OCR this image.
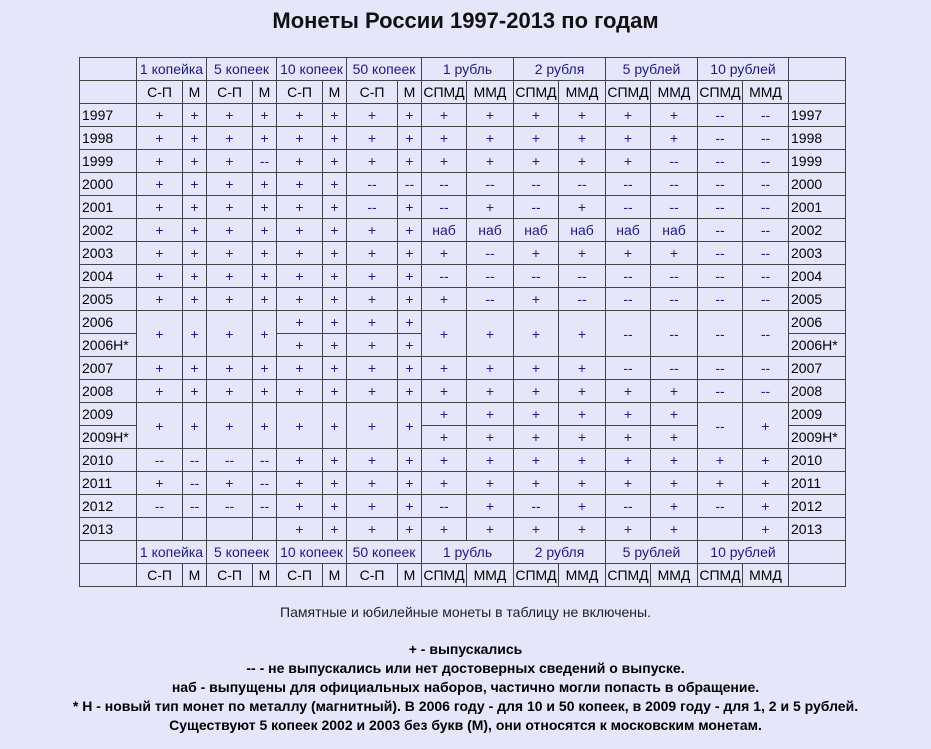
Монеты России 1997-2013 по годам
	1 копейка		5 копеек		10 копеек		50 копеек		1 рубль		2 рубля		5 рублей		10 рублей		
	С-П	М	С-П	М	С-П	М	С-П	М	СПМД	ММД	СПМД	ММД	СПМД	ММД	СПМД	ММД	
1997	+	+	+	+	+	+	+	+	+	+	+	+	+	+	--	--	1997
1998	+	+	+	+	+	+	+	+	+	+	+	+	+	+	--	--	1998
1999	+	+	+	--	+	+	+	+	+	+	+	+	+	--	--	--	1999
2000	+	+	+	+	+	+	--	--	--	--	--	--	--	--	--	--	2000
2001	+	+	+	+	+	+	--	+	--	+	--	+	--	--	--	--	2001
2002	+	+	+	+	+	+	+	+	наб	наб	наб	наб	наб	наб	--	--	2002
2003	+	+	+	+	+	+	+	+	+	--	+	+	+	+	--	--	2003
2004	+	+	+	+	+	+	+	+	--	--	--	--	--	--	--	--	2004
2005	+	+	+	+	+	+	+	+	+	--	+	--	--	--	--	--	2005
2006	+	+	+	+	+	+	+	+	+	+	+	+	--	--	--	--	2006
2006Н*					+	+	+	+									2006Н*
2007	+	+	+	+	+	+	+	+	+	+	+	+	--	--	--	--	2007
2008	+	+	+	+	+	+	+	+	+	+	+	+	+	+	--	--	2008
2009	+	+	+	+	+	+	+	+	+	+	+	+	+	+	--	+	2009
2009Н*									+	+	+	+	+	+			2009Н*
2010	--	--	--	--	+	+	+	+	+	+	+	+	+	+	+	+	2010
2011	+	--	+	--	+	+	+	+	+	+	+	+	+	+	+	+	2011
2012	--	--	--	--	+	+	+	+	--	+	--	+	--	+	--	+	2012
2013					+	+	+	+	+	+	+	+	+	+		+	2013
	1 копейка		5 копеек		10 копеек		50 копеек		1 рубль		2 рубля		5 рублей		10 рублей		
	С-П	М	С-П	М	С-П	М	С-П	М	СПМД	ММД	СПМД	ММД	СПМД	ММД	СПМД	ММД	
Памятные и юбилейные монеты в таблицу не включены.
+ - выпускались
-- - не выпускались или нет достоверных сведений о выпуске.
наб - выпущены для официальных наборов, частично могли попасть в обращение.
* Н - новый тип монет по металлу (магнитный). В 2006 году - для 10 и 50 копеек, в 2009 году - для 1, 2 и 5 рублей.
Существуют 5 копеек 2002 и 2003 без букв (М), они относятся к московским монетам.
